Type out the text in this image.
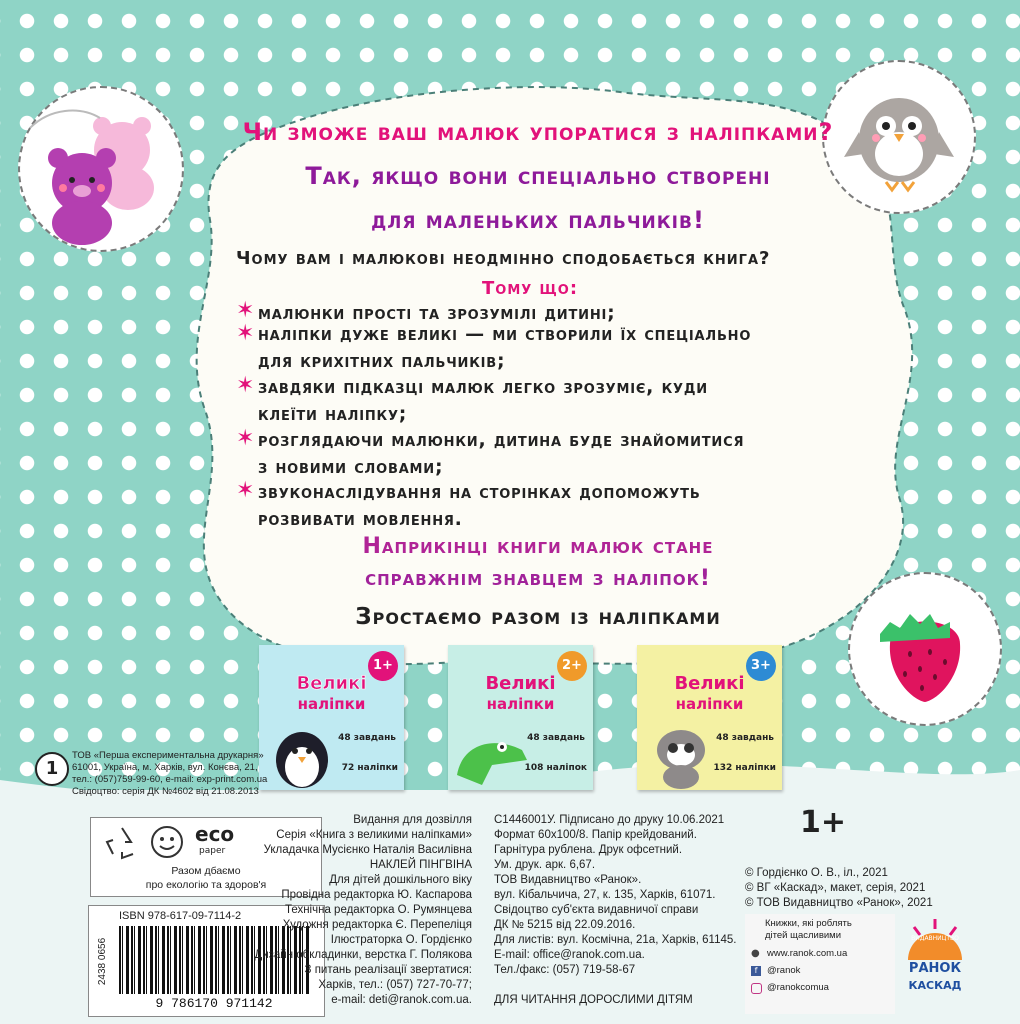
Чи зможе ваш малюк упоратися з наліпками?
Так, якщо вони спеціально створені
для маленьких пальчиків!
Чому вам і малюкові неодмінно сподобається книга?
Тому що:
✶ малюнки прості та зрозумілі дитині;
✶ наліпки дуже великі — ми створили їх спеціально
для крихітних пальчиків;
✶ завдяки підказці малюк легко зрозуміє, куди
клеїти наліпку;
✶ розглядаючи малюнки, дитина буде знайомитися
з новими словами;
✶ звуконаслідування на сторінках допоможуть
розвивати мовлення.
Наприкінці книги малюк стане
справжнім знавцем з наліпок!
Зростаємо разом із наліпками
1+
Великі
наліпки
48 завдань
72 наліпки
2+
Великі
наліпки
48 завдань
108 наліпок
3+
Великі
наліпки
48 завдань
132 наліпки
1
ТОВ «Перша експериментальна друкарня»
61001, Україна, м. Харків, вул. Конєва, 21,
тел.: (057)759-99-60, e-mail: exp-print.com.ua
Свідоцтво: серія ДК №4602 від 21.08.2013
eco
paper
Разом дбаємо
про екологію та здоров'я
ISBN 978-617-09-7114-2
2438 0656
9 786170 971142
Видання для дозвілля
Серія «Книга з великими наліпками»
Укладачка Мусієнко Наталія Василівна
НАКЛЕЙ ПІНГВІНА
Для дітей дошкільного віку
Провідна редакторка Ю. Каспарова
Технічна редакторка О. Румянцева
Художня редакторка Є. Перепеліця
Ілюстраторка О. Гордієнко
Дизайн обкладинки, верстка Г. Полякова
З питань реалізації звертатися:
Харків, тел.: (057) 727-70-77;
e-mail: deti@ranok.com.ua.
С1446001У. Підписано до друку 10.06.2021
Формат 60х100/8. Папір крейдований.
Гарнітура рублена. Друк офсетний.
Ум. друк. арк. 6,67.
ТОВ Видавництво «Ранок».
вул. Кібальчича, 27, к. 135, Харків, 61071.
Свідоцтво суб'єкта видавничої справи
ДК № 5215 від 22.09.2016.
Для листів: вул. Космічна, 21а, Харків, 61145.
E-mail: office@ranok.com.ua.
Тел./факс: (057) 719-58-67
ДЛЯ ЧИТАННЯ ДОРОСЛИМИ ДІТЯМ
1+
© Гордієнко О. В., іл., 2021
© ВГ «Каскад», макет, серія, 2021
© ТОВ Видавництво «Ранок», 2021
Книжки, які роблять
дітей щасливими
● www.ranok.com.ua
f	@ranok
@ranokcomua
ВИДАВНИЦТВО
РАНОК
КАСКАД
